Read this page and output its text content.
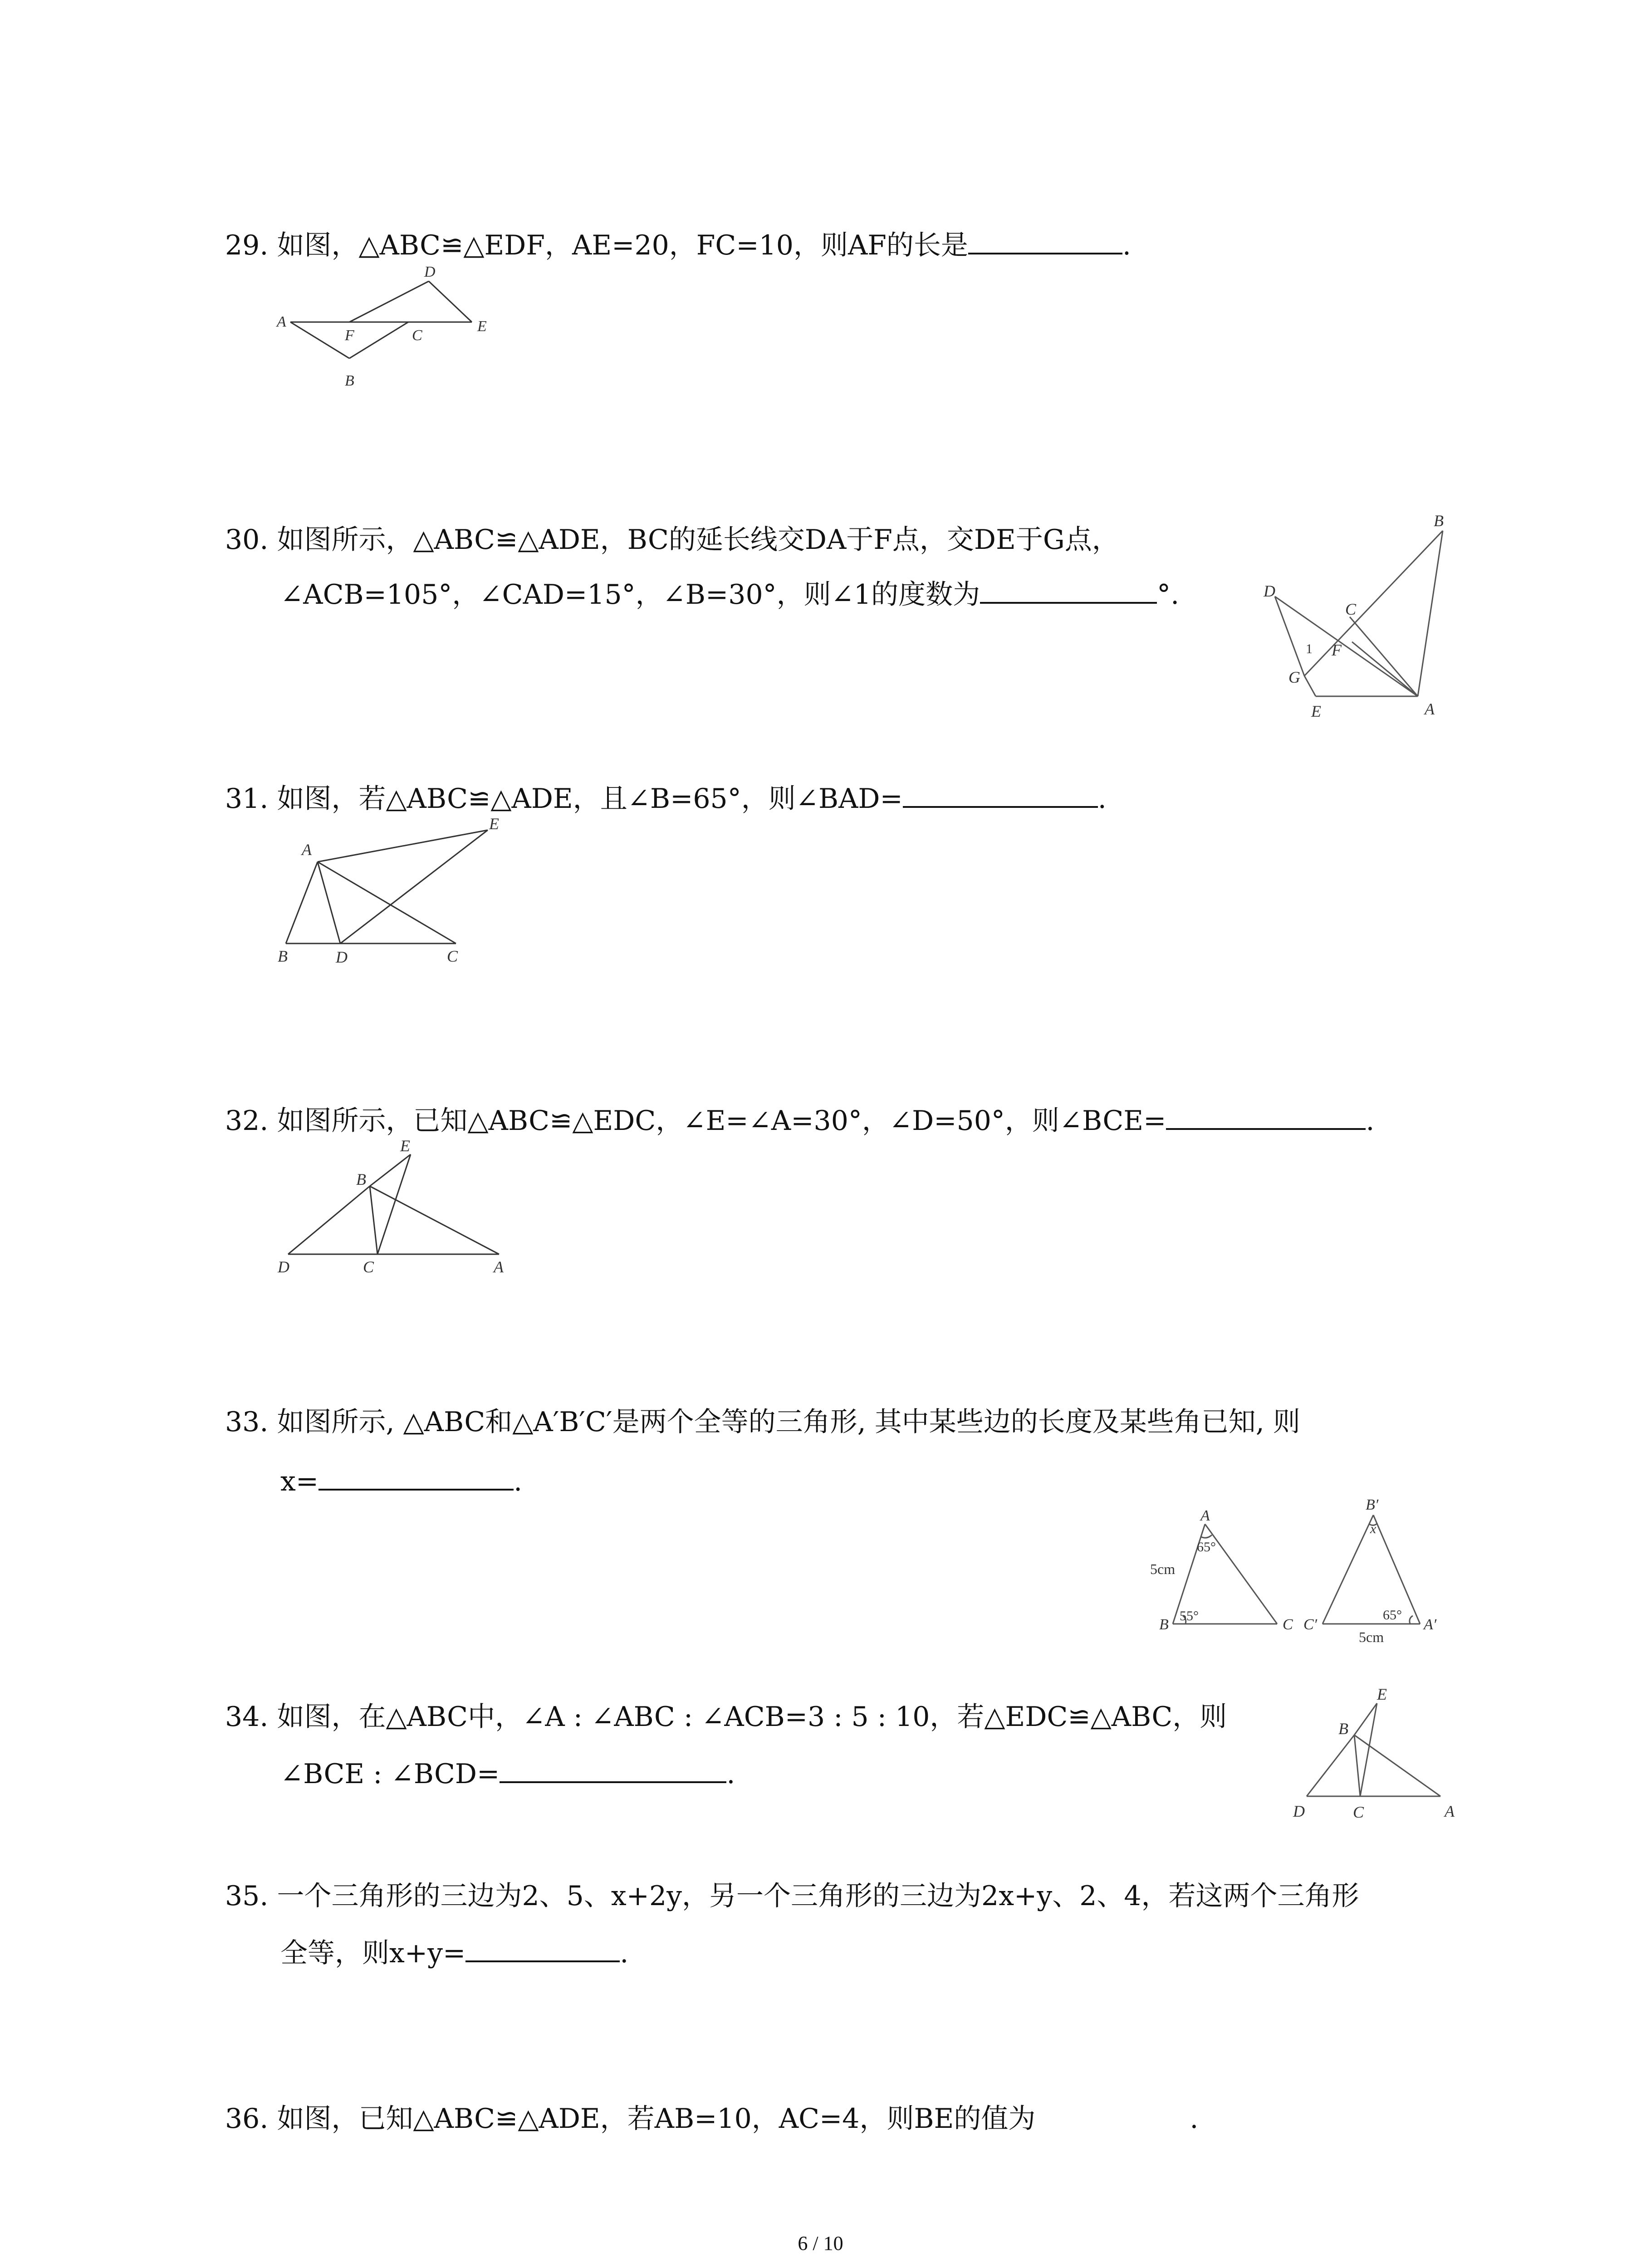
29. 如图，△ABC≌△EDF，AE=20，FC=10，则AF的长是	.
A
B
C
D
E
F
30. 如图所示，△ABC≌△ADE，BC的延长线交DA于F点，交DE于G点，
∠ACB=105°，∠CAD=15°，∠B=30°，则∠1的度数为	°.
A
B
C
D
E
F
G
1
31. 如图，若△ABC≌△ADE，且∠B=65°，则∠BAD=	.
A
B	C
D
E
32. 如图所示，已知△ABC≌△EDC，∠E=∠A=30°，∠D=50°，则∠BCE=	.
A
B
C
D
E
33. 如图所示, △ABC和△A′B′C′是两个全等的三角形, 其中某些边的长度及某些角已知, 则
x=	.
A
B	C	A′
B′
C′
5cm
5cm
65°
55°	65°
x
34. 如图，在△ABC中，∠A : ∠ABC : ∠ACB=3 : 5 : 10，若△EDC≌△ABC，则
∠BCE : ∠BCD=	.
A
B
C
D
E
35. 一个三角形的三边为2、5、x+2y，另一个三角形的三边为2x+y、2、4，若这两个三角形
全等，则x+y=	.
36. 如图，已知△ABC≌△ADE，若AB=10，AC=4，则BE的值为	.
6 / 10
